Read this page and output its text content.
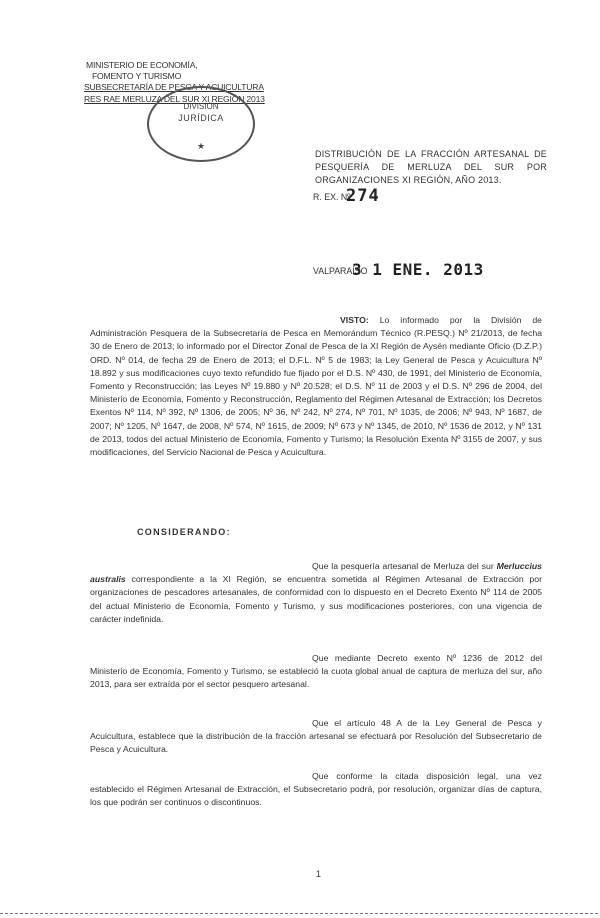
MINISTERIO DE ECONOMÍA,
FOMENTO Y TURISMO
SUBSECRETARÍA DE PESCA Y ACUICULTURA
RES RAE MERLUZA DEL SUR XI REGIÓN 2013
DIVISIÓN
JURÍDICA
★
DISTRIBUCIÓN DE LA FRACCIÓN ARTESANAL DE PESQUERÍA DE MERLUZA DEL SUR POR ORGANIZACIONES XI REGIÓN, AÑO 2013.
R. EX. Nº
274
VALPARAÍSO
3 1 ENE. 2013
VISTO: Lo informado por la División de Administración Pesquera de la Subsecretaría de Pesca en Memorándum Técnico (R.PESQ.) Nº 21/2013, de fecha 30 de Enero de 2013; lo informado por el Director Zonal de Pesca de la XI Región de Aysén mediante Oficio (D.Z.P.) ORD. Nº 014, de fecha 29 de Enero de 2013; el D.F.L. Nº 5 de 1983; la Ley General de Pesca y Acuicultura Nº 18.892 y sus modificaciones cuyo texto refundido fue fijado por el D.S. Nº 430, de 1991, del Ministerio de Economía, Fomento y Reconstrucción; las Leyes Nº 19.880 y Nº 20.528; el D.S. Nº 11 de 2003 y el D.S. Nº 296 de 2004, del Ministerio de Economía, Fomento y Reconstrucción, Reglamento del Régimen Artesanal de Extracción; los Decretos Exentos Nº 114, Nº 392, Nº 1306, de 2005; Nº 36, Nº 242, Nº 274, Nº 701, Nº 1035, de 2006; Nº 943, Nº 1687, de 2007; Nº 1205, Nº 1647, de 2008, Nº 574, Nº 1615, de 2009; Nº 673 y Nº 1345, de 2010, Nº 1536 de 2012, y Nº 131 de 2013, todos del actual Ministerio de Economía, Fomento y Turismo; la Resolución Exenta Nº 3155 de 2007, y sus modificaciones, del Servicio Nacional de Pesca y Acuicultura.
CONSIDERANDO:
Que la pesquería artesanal de Merluza del sur Merluccius australis correspondiente a la XI Región, se encuentra sometida al Régimen Artesanal de Extracción por organizaciones de pescadores artesanales, de conformidad con lo dispuesto en el Decreto Exento Nº 114 de 2005 del actual Ministerio de Economía, Fomento y Turismo, y sus modificaciones posteriores, con una vigencia de carácter indefinida.
Que mediante Decreto exento Nº 1236 de 2012 del Ministerio de Economía, Fomento y Turismo, se estableció la cuota global anual de captura de merluza del sur, año 2013, para ser extraída por el sector pesquero artesanal.
Que el artículo 48 A de la Ley General de Pesca y Acuicultura, establece que la distribución de la fracción artesanal se efectuará por Resolución del Subsecretario de Pesca y Acuicultura.
Que conforme la citada disposición legal, una vez establecido el Régimen Artesanal de Extracción, el Subsecretario podrá, por resolución, organizar días de captura, los que podrán ser continuos o discontinuos.
1
